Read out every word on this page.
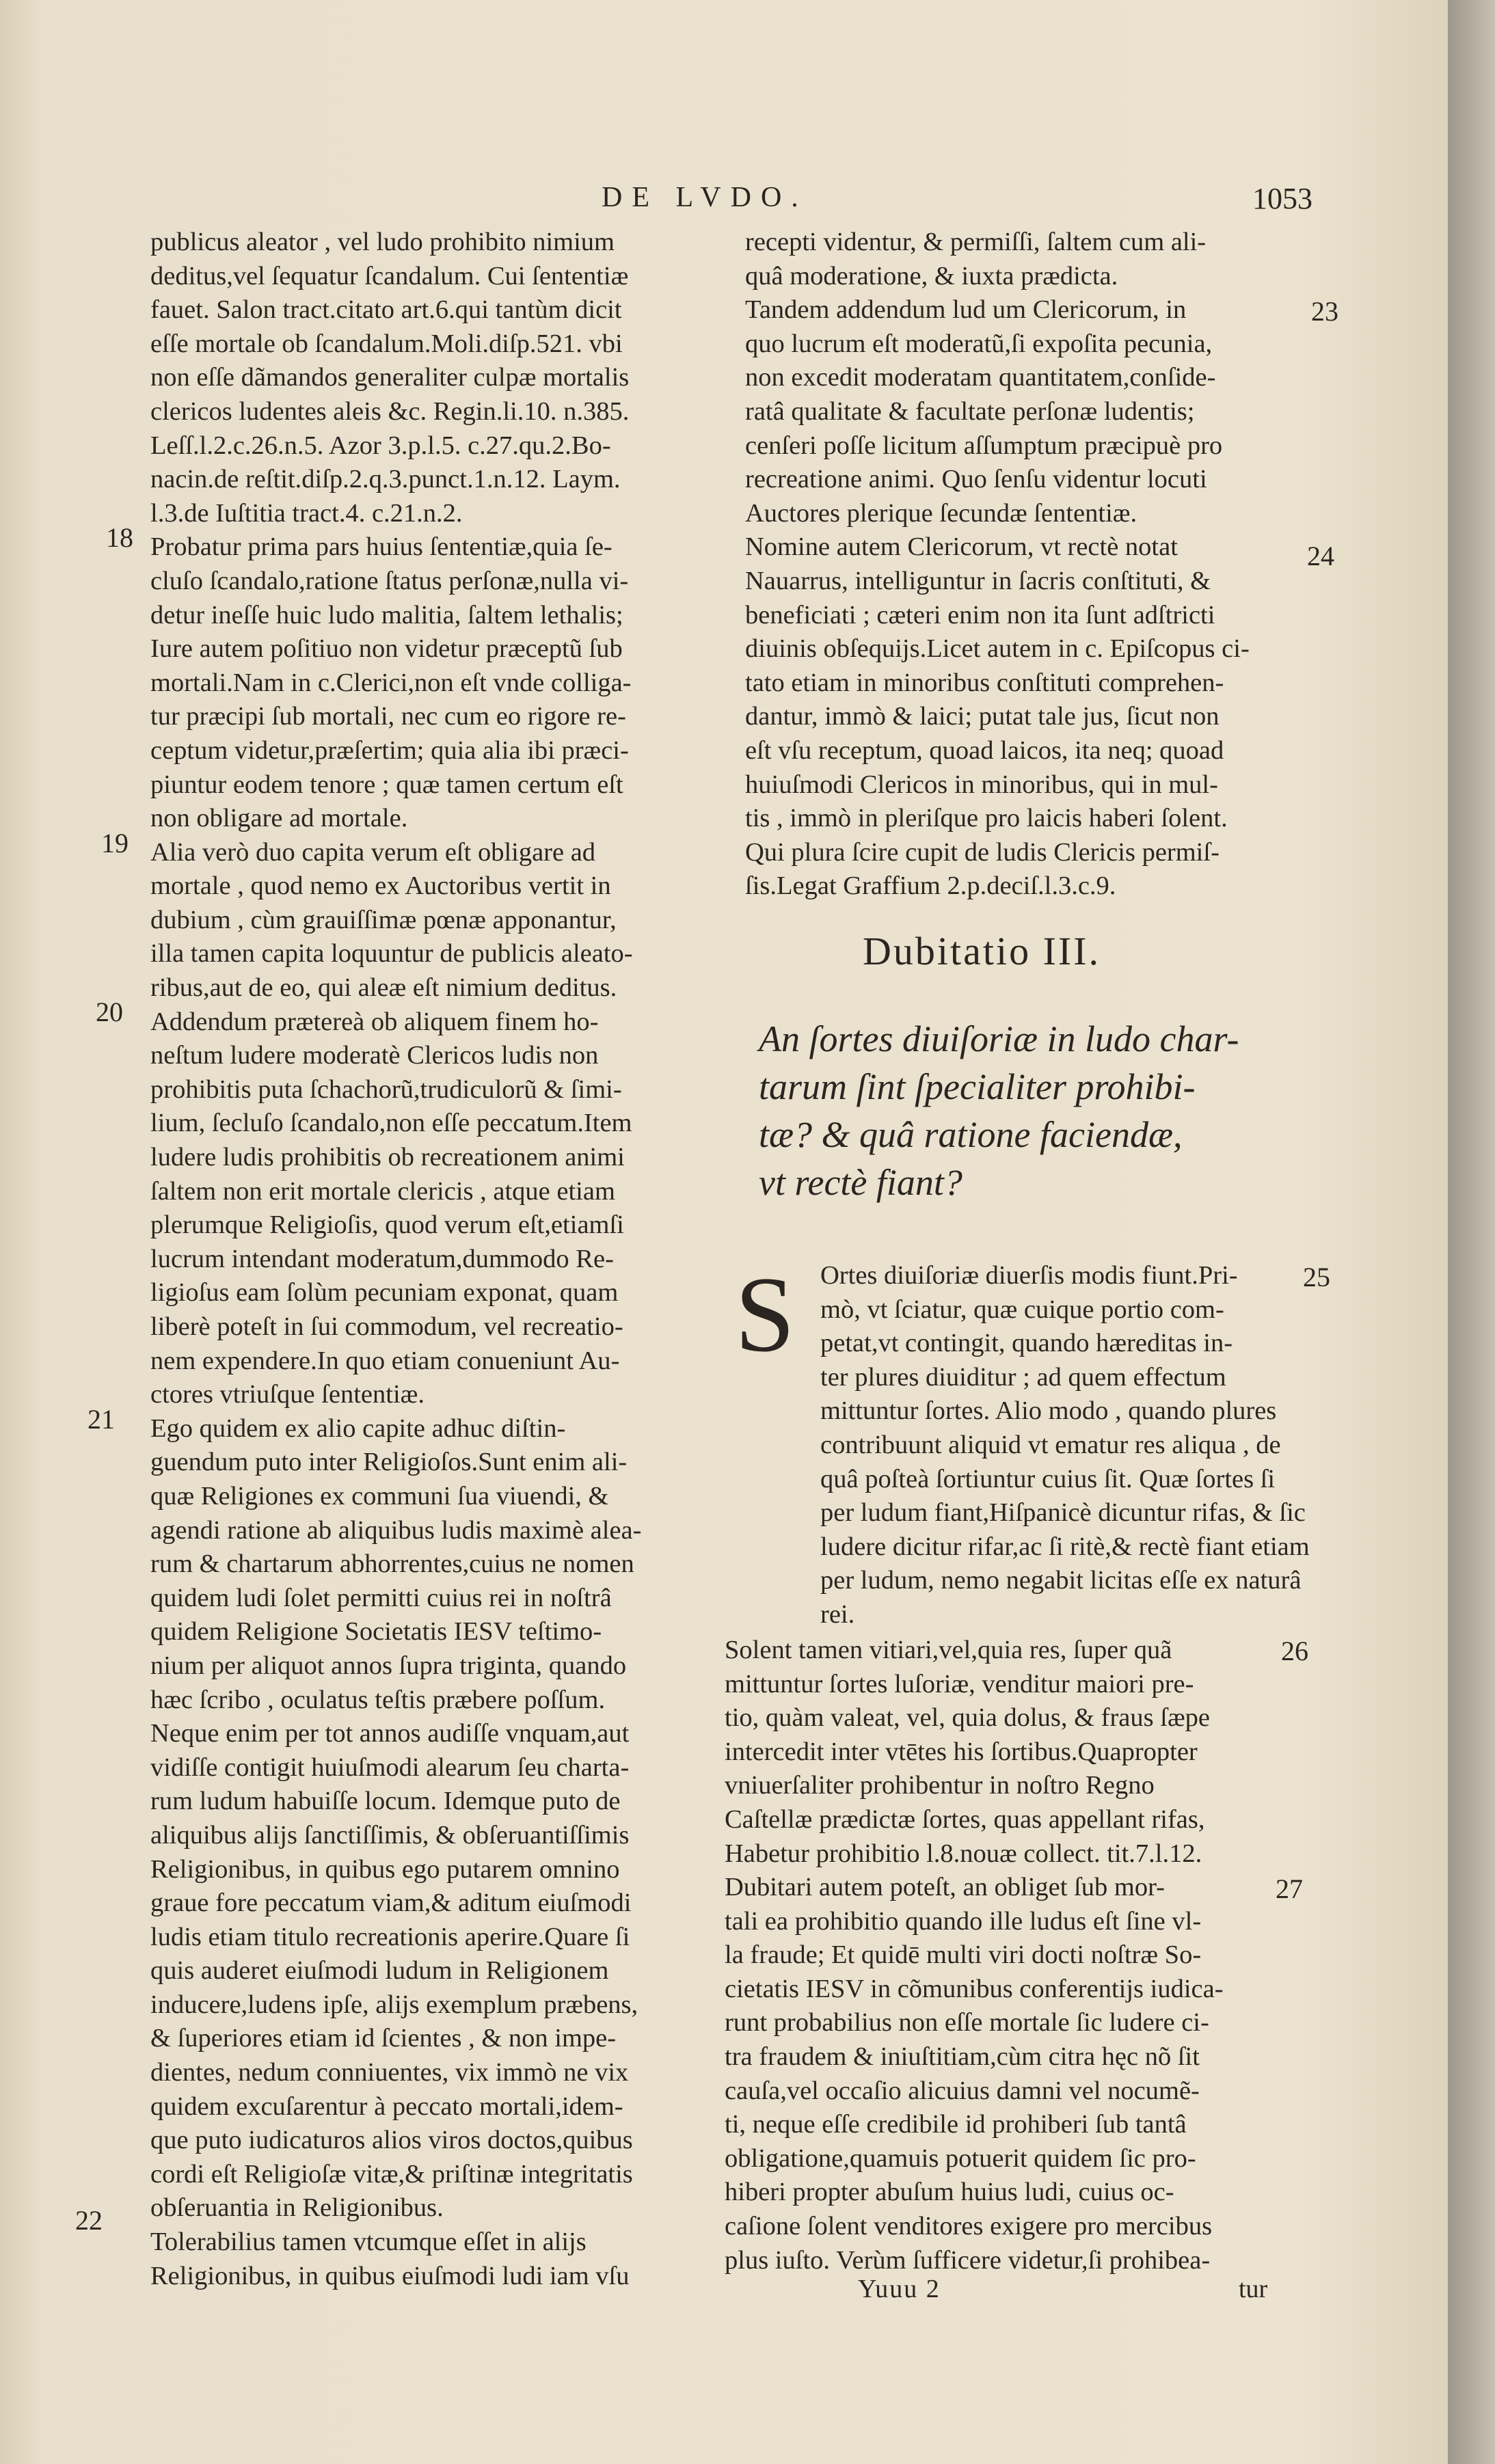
DE LVDO.	1053
publicus aleator , vel ludo prohibito nimium
deditus,vel ſequatur ſcandalum. Cui ſententiæ
fauet. Salon tract.citato art.6.qui tantùm dicit
eſſe mortale ob ſcandalum.Moli.diſp.521. vbi
non eſſe dãmandos generaliter culpæ mortalis
clericos ludentes aleis &c. Regin.li.10. n.385.
Leſſ.l.2.c.26.n.5. Azor 3.p.l.5. c.27.qu.2.Bo-
nacin.de reſtit.diſp.2.q.3.punct.1.n.12. Laym.
l.3.de Iuſtitia tract.4. c.21.n.2.
Probatur prima pars huius ſententiæ,quia ſe-
cluſo ſcandalo,ratione ſtatus perſonæ,nulla vi-
detur ineſſe huic ludo malitia, ſaltem lethalis;
Iure autem poſitiuo non videtur præceptũ ſub
mortali.Nam in c.Clerici,non eſt vnde colliga-
tur præcipi ſub mortali, nec cum eo rigore re-
ceptum videtur,præſertim; quia alia ibi præci-
piuntur eodem tenore ; quæ tamen certum eſt
non obligare ad mortale.
Alia verò duo capita verum eſt obligare ad
mortale , quod nemo ex Auctoribus vertit in
dubium , cùm grauiſſimæ pœnæ apponantur,
illa tamen capita loquuntur de publicis aleato-
ribus,aut de eo, qui aleæ eſt nimium deditus.
Addendum prætereà ob aliquem finem ho-
neſtum ludere moderatè Clericos ludis non
prohibitis puta ſchachorũ,trudiculorũ & ſimi-
lium, ſecluſo ſcandalo,non eſſe peccatum.Item
ludere ludis prohibitis ob recreationem animi
ſaltem non erit mortale clericis , atque etiam
plerumque Religioſis, quod verum eſt,etiamſi
lucrum intendant moderatum,dummodo Re-
ligioſus eam ſolùm pecuniam exponat, quam
liberè poteſt in ſui commodum, vel recreatio-
nem expendere.In quo etiam conueniunt Au-
ctores vtriuſque ſententiæ.
Ego quidem ex alio capite adhuc diſtin-
guendum puto inter Religioſos.Sunt enim ali-
quæ Religiones ex communi ſua viuendi, &
agendi ratione ab aliquibus ludis maximè alea-
rum & chartarum abhorrentes,cuius ne nomen
quidem ludi ſolet permitti cuius rei in noſtrâ
quidem Religione Societatis IESV teſtimo-
nium per aliquot annos ſupra triginta, quando
hæc ſcribo , oculatus teſtis præbere poſſum.
Neque enim per tot annos audiſſe vnquam,aut
vidiſſe contigit huiuſmodi alearum ſeu charta-
rum ludum habuiſſe locum. Idemque puto de
aliquibus alijs ſanctiſſimis, & obſeruantiſſimis
Religionibus, in quibus ego putarem omnino
graue fore peccatum viam,& aditum eiuſmodi
ludis etiam titulo recreationis aperire.Quare ſi
quis auderet eiuſmodi ludum in Religionem
inducere,ludens ipſe, alijs exemplum præbens,
& ſuperiores etiam id ſcientes , & non impe-
dientes, nedum conniuentes, vix immò ne vix
quidem excuſarentur à peccato mortali,idem-
que puto iudicaturos alios viros doctos,quibus
cordi eſt Religioſæ vitæ,& priſtinæ integritatis
obſeruantia in Religionibus.
Tolerabilius tamen vtcumque eſſet in alijs
Religionibus, in quibus eiuſmodi ludi iam vſu
18
19
20
21
22
recepti videntur, & permiſſi, ſaltem cum ali-
quâ moderatione, & iuxta prædicta.
Tandem addendum lud um Clericorum, in
quo lucrum eſt moderatũ,ſi expoſita pecunia,
non excedit moderatam quantitatem,conſide-
ratâ qualitate & facultate perſonæ ludentis;
cenſeri poſſe licitum aſſumptum præcipuè pro
recreatione animi. Quo ſenſu videntur locuti
Auctores plerique ſecundæ ſententiæ.
Nomine autem Clericorum, vt rectè notat
Nauarrus, intelliguntur in ſacris conſtituti, &
beneficiati ; cæteri enim non ita ſunt adſtricti
diuinis obſequijs.Licet autem in c. Epiſcopus ci-
tato etiam in minoribus conſtituti comprehen-
dantur, immò & laici; putat tale jus, ſicut non
eſt vſu receptum, quoad laicos, ita neq; quoad
huiuſmodi Clericos in minoribus, qui in mul-
tis , immò in pleriſque pro laicis haberi ſolent.
Qui plura ſcire cupit de ludis Clericis permiſ-
ſis.Legat Graffium 2.p.deciſ.l.3.c.9.
Dubitatio III.
An ſortes diuiſoriæ in ludo char-
tarum ſint ſpecialiter prohibi-
tæ? & quâ ratione faciendæ,
vt rectè fiant?
S Ortes diuiſoriæ diuerſis modis fiunt.Pri-
mò, vt ſciatur, quæ cuique portio com-
petat,vt contingit, quando hæreditas in-
ter plures diuiditur ; ad quem effectum
mittuntur ſortes. Alio modo , quando plures
contribuunt aliquid vt ematur res aliqua , de
quâ poſteà ſortiuntur cuius ſit. Quæ ſortes ſi
per ludum fiant,Hiſpanicè dicuntur rifas, & ſic
ludere dicitur rifar,ac ſi ritè,& rectè fiant etiam
per ludum, nemo negabit licitas eſſe ex naturâ
rei.
Solent tamen vitiari,vel,quia res, ſuper quã
mittuntur ſortes luſoriæ, venditur maiori pre-
tio, quàm valeat, vel, quia dolus, & fraus ſæpe
intercedit inter vtētes his ſortibus.Quapropter
vniuerſaliter prohibentur in noſtro Regno
Caſtellæ prædictæ ſortes, quas appellant rifas,
Habetur prohibitio l.8.nouæ collect. tit.7.l.12.
Dubitari autem poteſt, an obliget ſub mor-
tali ea prohibitio quando ille ludus eſt ſine vl-
la fraude; Et quidē multi viri docti noſtræ So-
cietatis IESV in cõmunibus conferentijs iudica-
runt probabilius non eſſe mortale ſic ludere ci-
tra fraudem & iniuſtitiam,cùm citra hęc nõ ſit
cauſa,vel occaſio alicuius damni vel nocumẽ-
ti, neque eſſe credibile id prohiberi ſub tantâ
obligatione,quamuis potuerit quidem ſic pro-
hiberi propter abuſum huius ludi, cuius oc-
caſione ſolent venditores exigere pro mercibus
plus iuſto. Verùm ſufficere videtur,ſi prohibea-
23
24
25
26
27
Yuuu 2	tur
